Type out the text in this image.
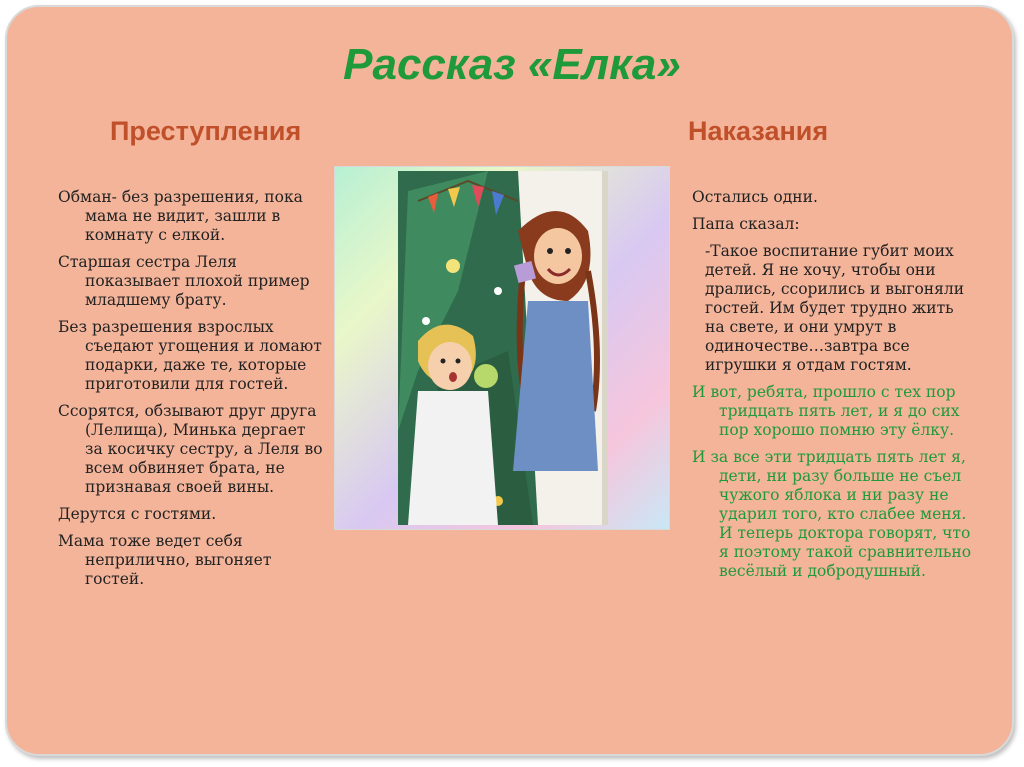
Рассказ «Елка»
Преступления	Наказания

Обман- без разрешения, пока мама не видит, зашли в комнату с елкой.

Старшая сестра Леля показывает плохой пример младшему брату.

Без разрешения взрослых съедают угощения и ломают подарки, даже те, которые приготовили для гостей.

Ссорятся, обзывают друг друга (Лелища), Минька дергает за косичку сестру, а Леля во всем обвиняет брата, не признавая своей вины.

Дерутся с гостями.

Мама тоже ведет себя неприлично, выгоняет гостей.

Остались одни.

Папа сказал:

-Такое воспитание губит моих детей. Я не хочу, чтобы они дрались, ссорились и выгоняли гостей. Им будет трудно жить на свете, и они умрут в одиночестве…завтра все игрушки я отдам гостям.

И вот, ребята, прошло с тех пор тридцать пять лет, и я до сих пор хорошо помню эту ёлку.

И за все эти тридцать пять лет я, дети, ни разу больше не съел чужого яблока и ни разу не ударил того, кто слабее меня. И теперь доктора говорят, что я поэтому такой сравнительно весёлый и добродушный.
